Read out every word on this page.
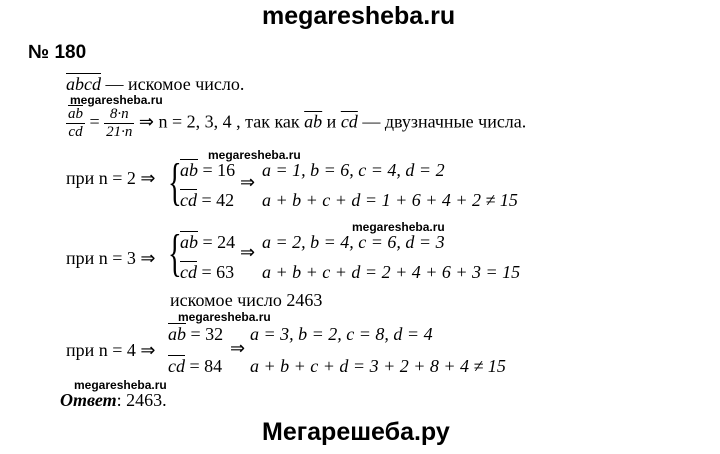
megaresheba.ru
№ 180
abcd — искомое число.
megaresheba.ru
$\frac{\overline{ab}}{cd} = \frac{8\cdot n}{21\cdot n}$ ⇒ n = 2, 3, 4 , так как $\overline{ab}$ и $\overline{cd}$ — двузначные числа.
megaresheba.ru
при n = 2 ⇒ {
$\overline{ab} = 16$
$\overline{cd} = 42$
⇒
a = 1, b = 6, c = 4, d = 2
a + b + c + d = 1 + 6 + 4 + 2 ≠ 15
megaresheba.ru
при n = 3 ⇒ {
$\overline{ab} = 24$
$\overline{cd} = 63$
⇒ a = 2, b = 4, c = 6, d = 3
a + b + c + d = 2 + 4 + 6 + 3 = 15
искомое число 2463
megaresheba.ru
при n = 4 ⇒
$\overline{ab} = 32$
$\overline{cd} = 84$
⇒
a = 3, b = 2, c = 8, d = 4
a + b + c + d = 3 + 2 + 8 + 4 ≠ 15
megaresheba.ru
Ответ: 2463.
Мегарешеба.ру
